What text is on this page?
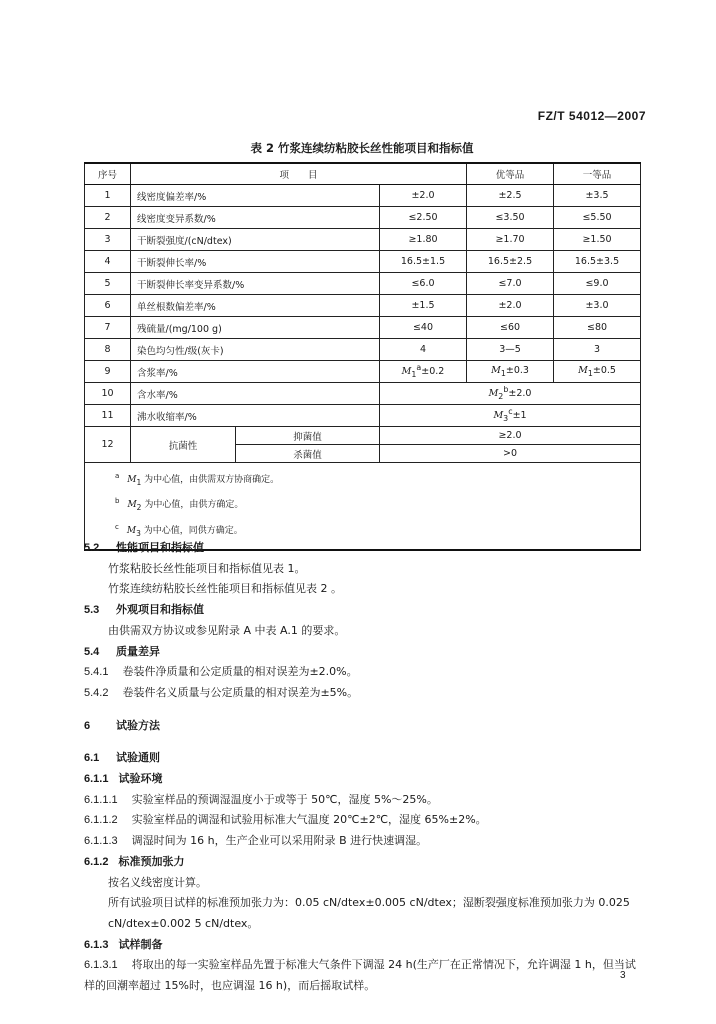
FZ/T 54012—2007
表 2 竹浆连续纺粘胶长丝性能项目和指标值
序号	项　　目			优等品	一等品	
1	线密度偏差率/%		±2.0	±2.5	±3.5	
2	线密度变异系数/%		≤2.50	≤3.50	≤5.50	
3	干断裂强度/(cN/dtex)		≥1.80	≥1.70	≥1.50	
4	干断裂伸长率/%		16.5±1.5	16.5±2.5	16.5±3.5	
5	干断裂伸长率变异系数/%		≤6.0	≤7.0	≤9.0	
6	单丝根数偏差率/%		±1.5	±2.0	±3.0	
7	残硫量/(mg/100 g)		≤40	≤60	≤80	
8	染色均匀性/级(灰卡)		4	3—5	3	
9	含浆率/%		$M_1^a\pm 0.2$	$M_1\pm 0.3$	$M_1\pm 0.5$	
10	含水率/%		$M_2^b\pm 2.0$			
11	沸水收缩率/%		$M_3^c\pm 1$			
12	抗菌性	抑菌值	≥2.0			
		杀菌值	>0			

$^a$ $M_1$ 为中心值，由供需双方协商确定。
$^b$ $M_2$ 为中心值，由供方确定。
$^c$ $M_3$ 为中心值，同供方确定。						

5.2 性能项目和指标值

竹浆粘胶长丝性能项目和指标值见表 1。

竹浆连续纺粘胶长丝性能项目和指标值见表 2 。

5.3 外观项目和指标值

由供需双方协议或参见附录 A 中表 A.1 的要求。

5.4 质量差异

5.4.1 卷装件净质量和公定质量的相对误差为±2.0%。

5.4.2 卷装件名义质量与公定质量的相对误差为±5%。

6 试验方法

6.1 试验通则

6.1.1 试验环境

6.1.1.1 实验室样品的预调湿温度小于或等于 50℃，湿度 5%～25%。

6.1.1.2 实验室样品的调湿和试验用标准大气温度 20℃±2℃，湿度 65%±2%。

6.1.1.3 调湿时间为 16 h，生产企业可以采用附录 B 进行快速调湿。

6.1.2 标准预加张力

按名义线密度计算。

所有试验项目试样的标准预加张力为：0.05 cN/dtex±0.005 cN/dtex；湿断裂强度标准预加张力为 0.025 cN/dtex±0.002 5 cN/dtex。

6.1.3 试样制备

6.1.3.1 将取出的每一实验室样品先置于标准大气条件下调湿 24 h(生产厂在正常情况下，允许调湿 1 h，但当试样的回潮率超过 15%时，也应调湿 16 h)，而后摇取试样。

3
